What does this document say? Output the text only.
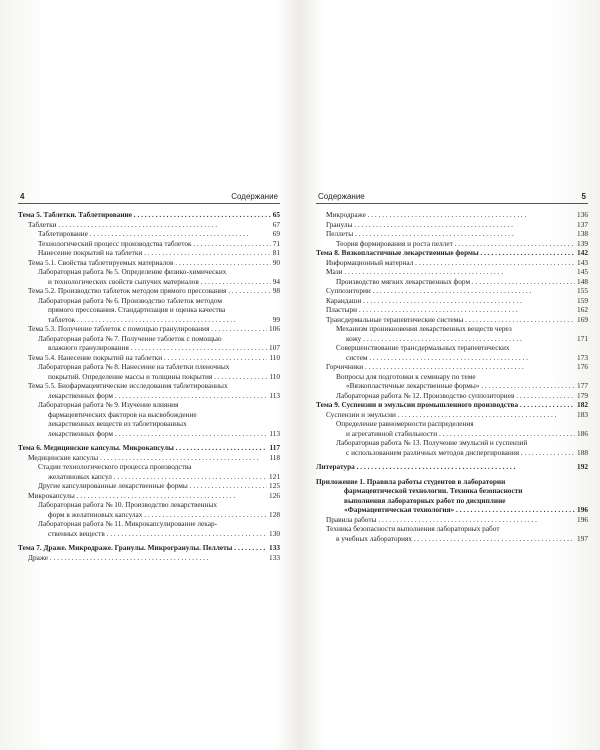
4	Содержание
65
Тема 5. Таблетки. Таблетирование . . .
67
Таблетки . . .
69
Таблетирование . . .
71
Технологический процесс производства таблеток . . .
81
Нанесение покрытий на таблетки . . .
90
Тема 5.1. Свойства таблетируемых материалов . . .
Лабораторная работа № 5. Определение физико-химических
94
и технологических свойств сыпучих материалов . . .
98
Тема 5.2. Производство таблеток методом прямого прессования . . .
Лабораторная работа № 6. Производство таблеток методом
прямого прессования. Стандартизация и оценка качества
99
таблеток . . .
106
Тема 5.3. Получение таблеток с помощью гранулирования . . .
Лабораторная работа № 7. Получение таблеток с помощью
107
влажного гранулирования . . .
110
Тема 5.4. Нанесение покрытий на таблетки . . .
Лабораторная работа № 8. Нанесение на таблетки пленочных
110
покрытий. Определение массы и толщины покрытия . . .
Тема 5.5. Биофармацевтические исследования таблетированных
113
лекарственных форм . . .
Лабораторная работа № 9. Изучение влияния
фармацевтических факторов на высвобождение
лекарственных веществ из таблетированных
113
лекарственных форм . . .
117
Тема 6. Медицинские капсулы. Микрокапсулы . . .
118
Медицинские капсулы . . .
Стадии технологического процесса производства
121
желатиновых капсул . . .
125
Другие капсулированные лекарственные формы . . .
126
Микрокапсулы . . .
Лабораторная работа № 10. Производство лекарственных
128
форм в желатиновых капсулах . . .
Лабораторная работа № 11. Микрокапсулирование лекар-
130
ственных веществ . . .
133
Тема 7. Драже. Микродраже. Гранулы. Микрогранулы. Пеллеты . . .
133
Драже . . .
Содержание	5
136
Микродраже . . .
137
Гранулы . . .
138
Пеллеты . . .
139
Теория формирования и роста пеллет . . .
142
Тема 8. Вязкопластичные лекарственные формы . . .
143
Информационный материал . . .
145
Мази . . .
148
Производство мягких лекарственных форм . . .
155
Суппозитории . . .
159
Карандаши . . .
162
Пластыри . . .
169
Трансдермальные терапевтические системы . . .
Механизм проникновения лекарственных веществ через
171
кожу . . .
Совершенствование трансдермальных терапевтических
173
систем . . .
176
Горчичники . . .
Вопросы для подготовки к семинару по теме
177
«Вязкопластичные лекарственные формы» . . .
179
Лабораторная работа № 12. Производство суппозиториев . . .
182
Тема 9. Суспензии и эмульсии промышленного производства . . .
183
Суспензии и эмульсии . . .
Определение равномерности распределения
186
и агрегативной стабильности . . .
Лабораторная работа № 13. Получение эмульсий и суспензий
188
с использованием различных методов диспергирования . . .
192
Литература . . .
Приложение 1. Правила работы студентов в лаборатории
фармацевтической технологии. Техника безопасности
выполнения лабораторных работ по дисциплине
196
«Фармацевтическая технология» . . .
196
Правила работы . . .
Техника безопасности выполнения лабораторных работ
197
в учебных лабораториях . . .
